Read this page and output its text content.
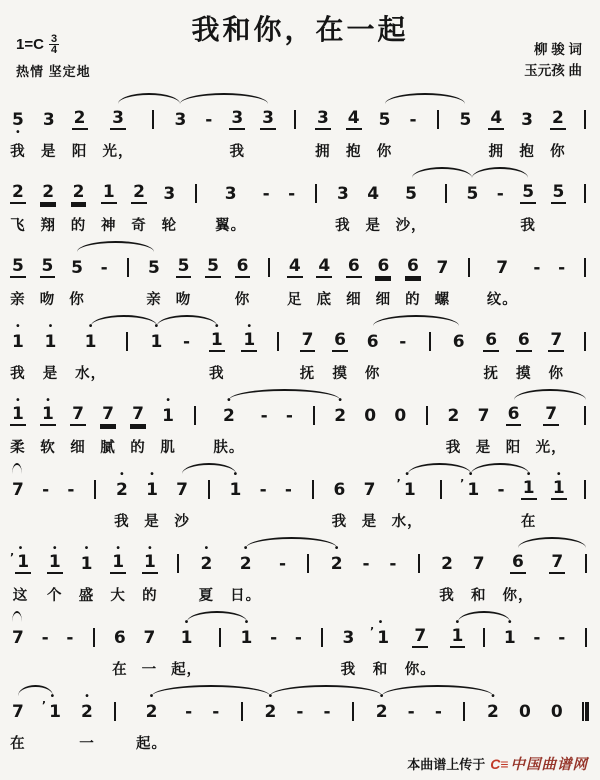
我和你，在一起
$1=C \frac{3}{4}$
热情 坚定地
柳 骏 词
玉元孩 曲
5
•
我
3
是
2
阳
3
光，
3 - 3
我
3	3
拥
4
抱
5
你
-	5 4
拥
3
抱
2
你
2
飞
2
翔
2
的
1
神
2
奇
3
轮
3
翼。
- - 3
我
4
是
5
沙，
5 - 5
我
5
5
亲
5
吻
5
你
- 5
亲
5
吻
5 6
你
4
足
4
底
6
细
6
细
6
的
7
螺
7
纹。
- -
•
1
我
•
1
是
•
1
水，
•
1 -
•
1
我
•
1	7
抚
6
摸
6
你
-	6 6
抚
6
摸
7
你
•
1
柔
•
1
软
7
细
7
腻
7
的
•
1
肌
•
2
肤。
- -
•
2 0 0 2
我
7
是
6
阳
7
光，
7 - -
•
2
我
•
1
是
7
沙
•
1 - - 6
我
7
是
•
’ 1
水，
•
’ 1 -
•
1
在
•
1
•
’ 1
这
•
1
个
•
1
盛
•
1
大
•
1
的
•
2
夏
•
2
日。
-
•
2 - -	2
我
7
和
6
你，
7
7 - - 6
在
7
一
•
1
起，
•
1 - - 3
我
•
’ 1
和
7
你。
•
1
•
1 - -
7
在
•
’ 1
•
2
一
•
2
起。
- -
•
2 - -
•
2 - -
•
2 0 0
本曲谱上传于 C≡ 中国曲谱网
